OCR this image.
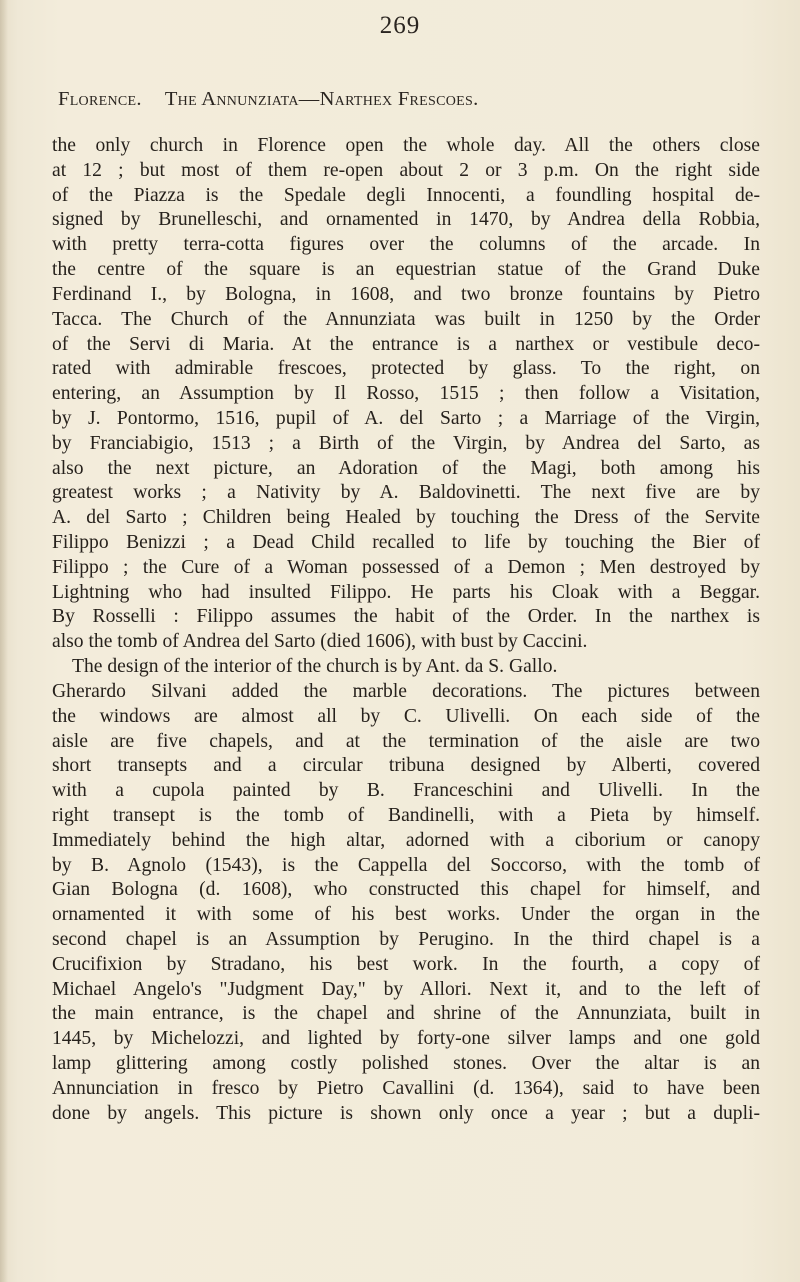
269
Florence. The Annunziata—Narthex Frescoes.
the only church in Florence open the whole day. All the others close
at 12 ; but most of them re-open about 2 or 3 p.m. On the right side
of the Piazza is the Spedale degli Innocenti, a foundling hospital de-
signed by Brunelleschi, and ornamented in 1470, by Andrea della Robbia,
with pretty terra-cotta figures over the columns of the arcade. In
the centre of the square is an equestrian statue of the Grand Duke
Ferdinand I., by Bologna, in 1608, and two bronze fountains by Pietro
Tacca. The Church of the Annunziata was built in 1250 by the Order
of the Servi di Maria. At the entrance is a narthex or vestibule deco-
rated with admirable frescoes, protected by glass. To the right, on
entering, an Assumption by Il Rosso, 1515 ; then follow a Visitation,
by J. Pontormo, 1516, pupil of A. del Sarto ; a Marriage of the Virgin,
by Franciabigio, 1513 ; a Birth of the Virgin, by Andrea del Sarto, as
also the next picture, an Adoration of the Magi, both among his
greatest works ; a Nativity by A. Baldovinetti. The next five are by
A. del Sarto ; Children being Healed by touching the Dress of the Servite
Filippo Benizzi ; a Dead Child recalled to life by touching the Bier of
Filippo ; the Cure of a Woman possessed of a Demon ; Men destroyed by
Lightning who had insulted Filippo. He parts his Cloak with a Beggar.
By Rosselli : Filippo assumes the habit of the Order. In the narthex is
also the tomb of Andrea del Sarto (died 1606), with bust by Caccini.
The design of the interior of the church is by Ant. da S. Gallo.
Gherardo Silvani added the marble decorations. The pictures between
the windows are almost all by C. Ulivelli. On each side of the
aisle are five chapels, and at the termination of the aisle are two
short transepts and a circular tribuna designed by Alberti, covered
with a cupola painted by B. Franceschini and Ulivelli. In the
right transept is the tomb of Bandinelli, with a Pieta by himself.
Immediately behind the high altar, adorned with a ciborium or canopy
by B. Agnolo (1543), is the Cappella del Soccorso, with the tomb of
Gian Bologna (d. 1608), who constructed this chapel for himself, and
ornamented it with some of his best works. Under the organ in the
second chapel is an Assumption by Perugino. In the third chapel is a
Crucifixion by Stradano, his best work. In the fourth, a copy of
Michael Angelo's "Judgment Day," by Allori. Next it, and to the left of
the main entrance, is the chapel and shrine of the Annunziata, built in
1445, by Michelozzi, and lighted by forty-one silver lamps and one gold
lamp glittering among costly polished stones. Over the altar is an
Annunciation in fresco by Pietro Cavallini (d. 1364), said to have been
done by angels. This picture is shown only once a year ; but a dupli-
